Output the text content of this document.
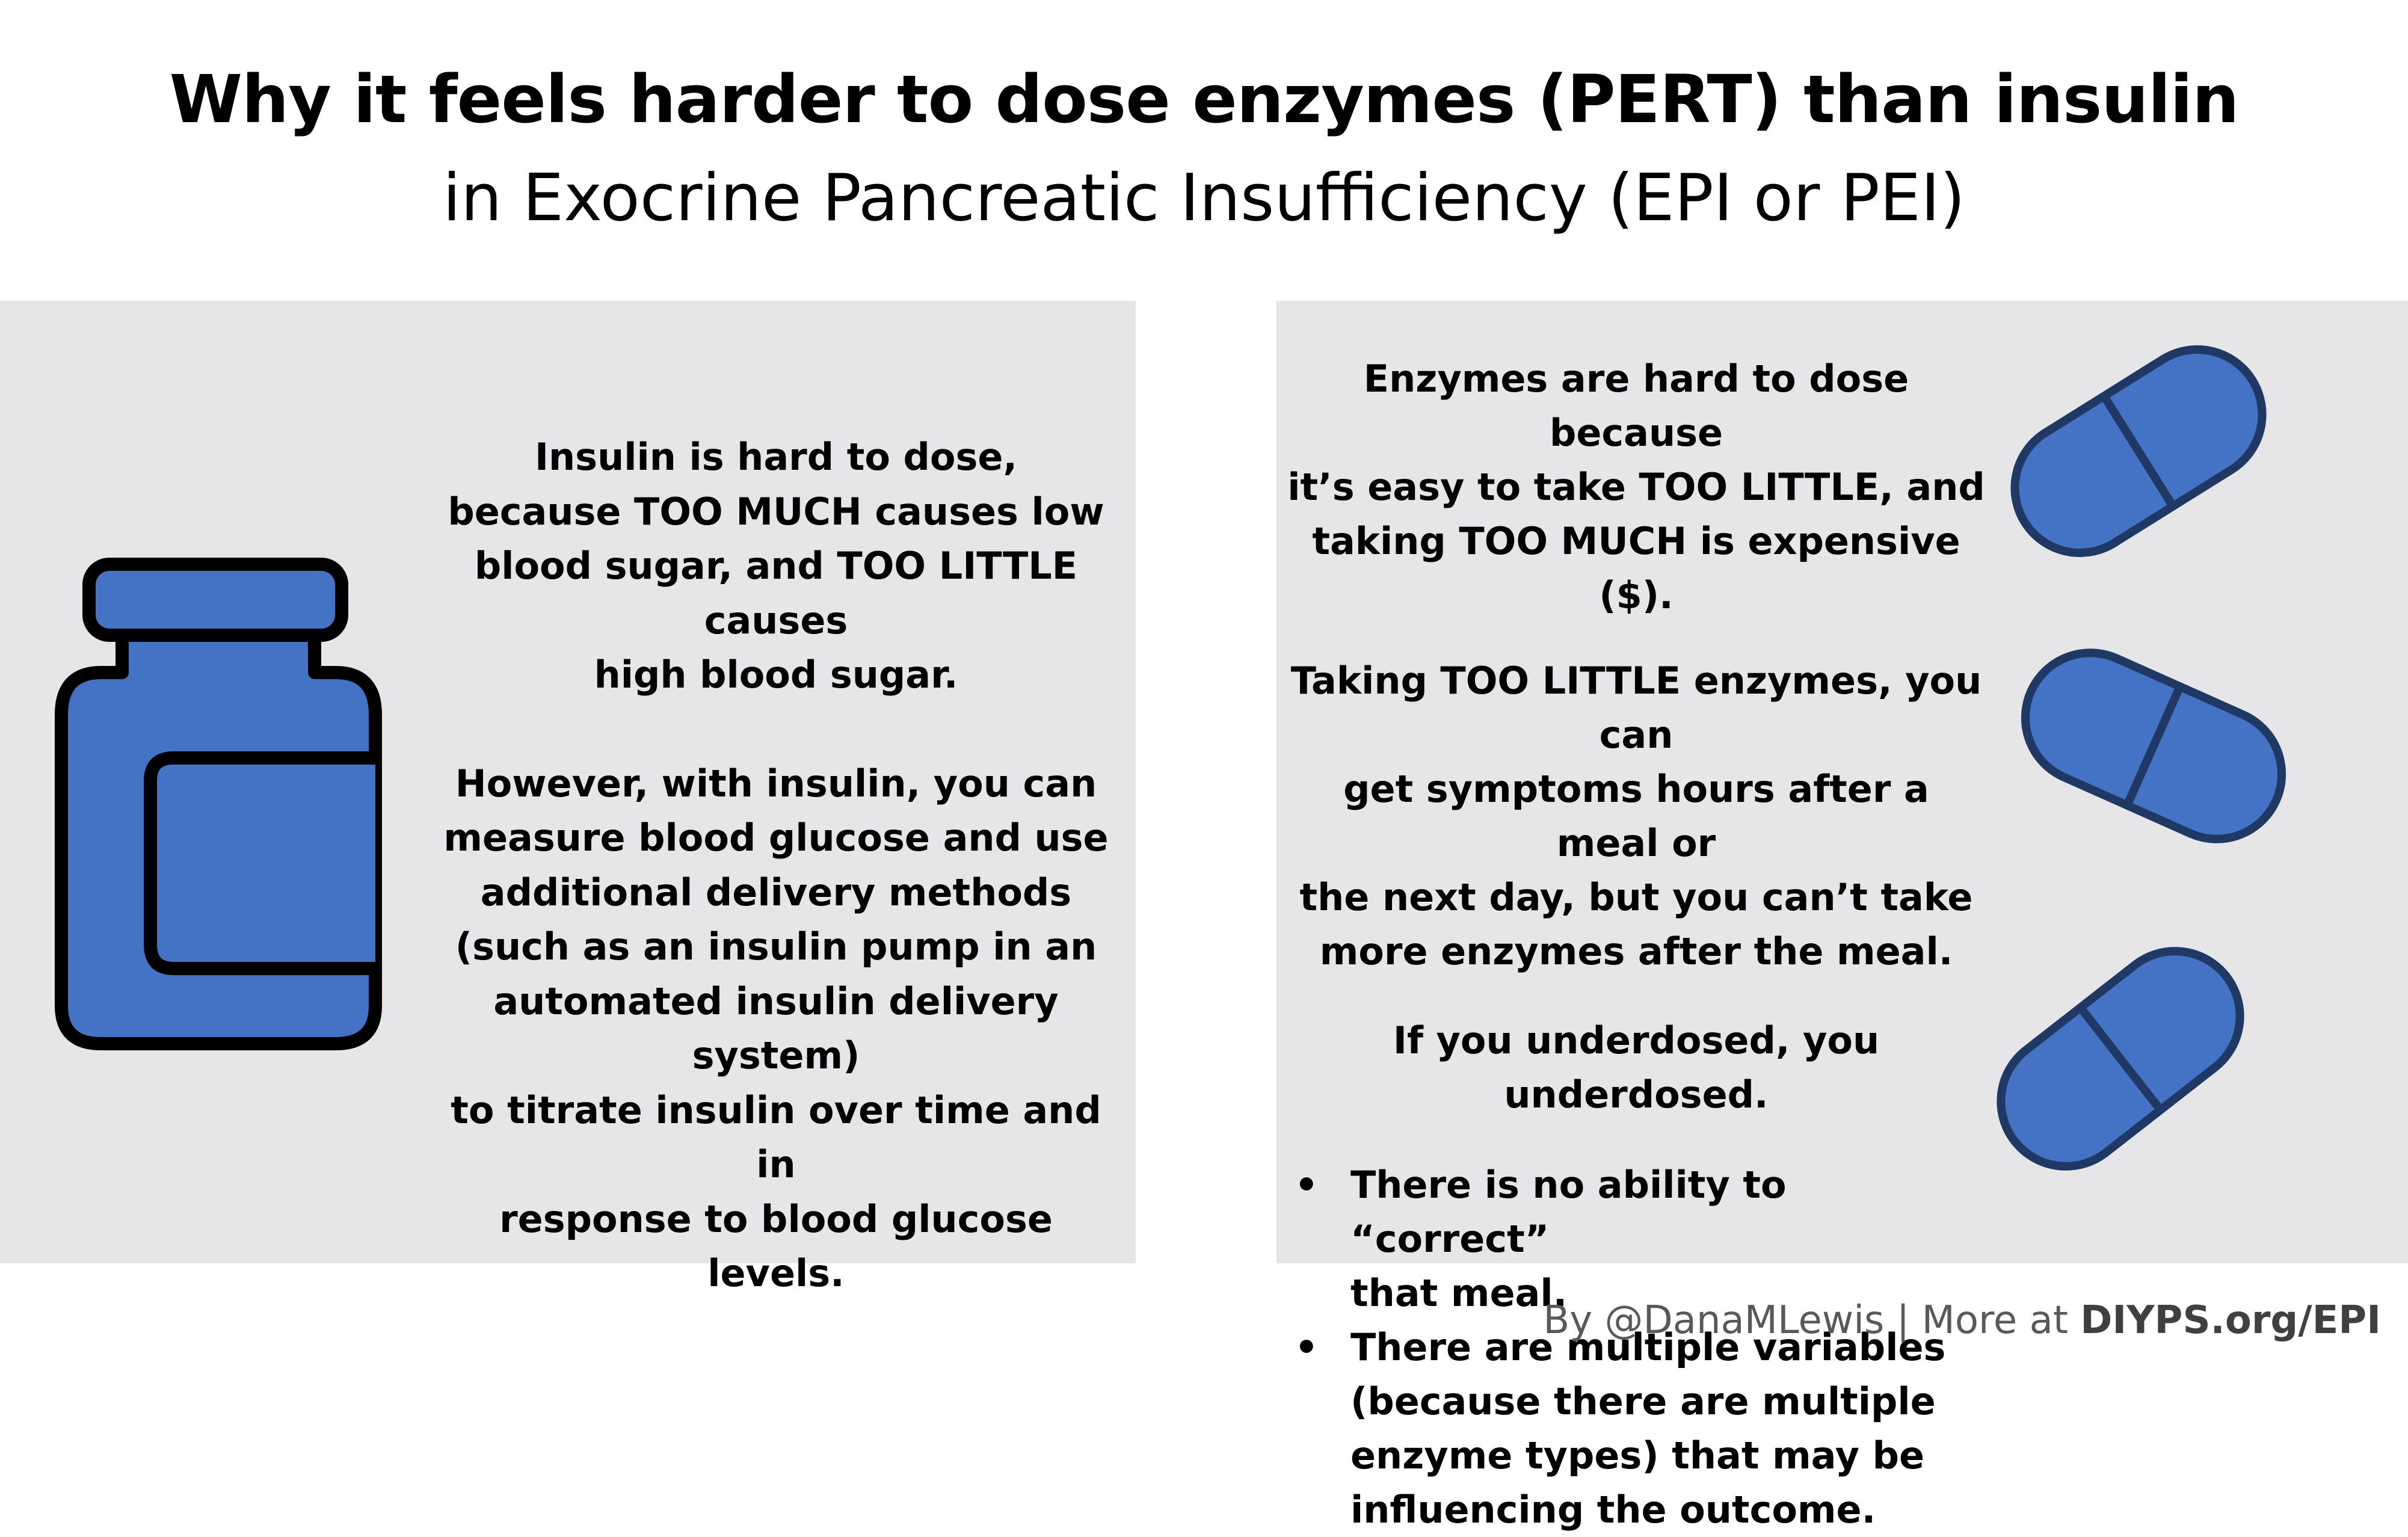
Why it feels harder to dose enzymes (PERT) than insulin
in Exocrine Pancreatic Insufficiency (EPI or PEI)

Insulin is hard to dose,
because TOO MUCH causes low
blood sugar, and TOO LITTLE causes
high blood sugar.

However, with insulin, you can
measure blood glucose and use
additional delivery methods
(such as an insulin pump in an
automated insulin delivery system)
to titrate insulin over time and in
response to blood glucose levels.

Enzymes are hard to dose because
it’s easy to take TOO LITTLE, and
taking TOO MUCH is expensive ($).

Taking TOO LITTLE enzymes, you can
get symptoms hours after a meal or
the next day, but you can’t take
more enzymes after the meal.

If you underdosed, you underdosed.

• There is no ability to “correct”
that meal.
• There are multiple variables
(because there are multiple
enzyme types) that may be
influencing the outcome.
By @DanaMLewis | More at DIYPS.org/EPI
